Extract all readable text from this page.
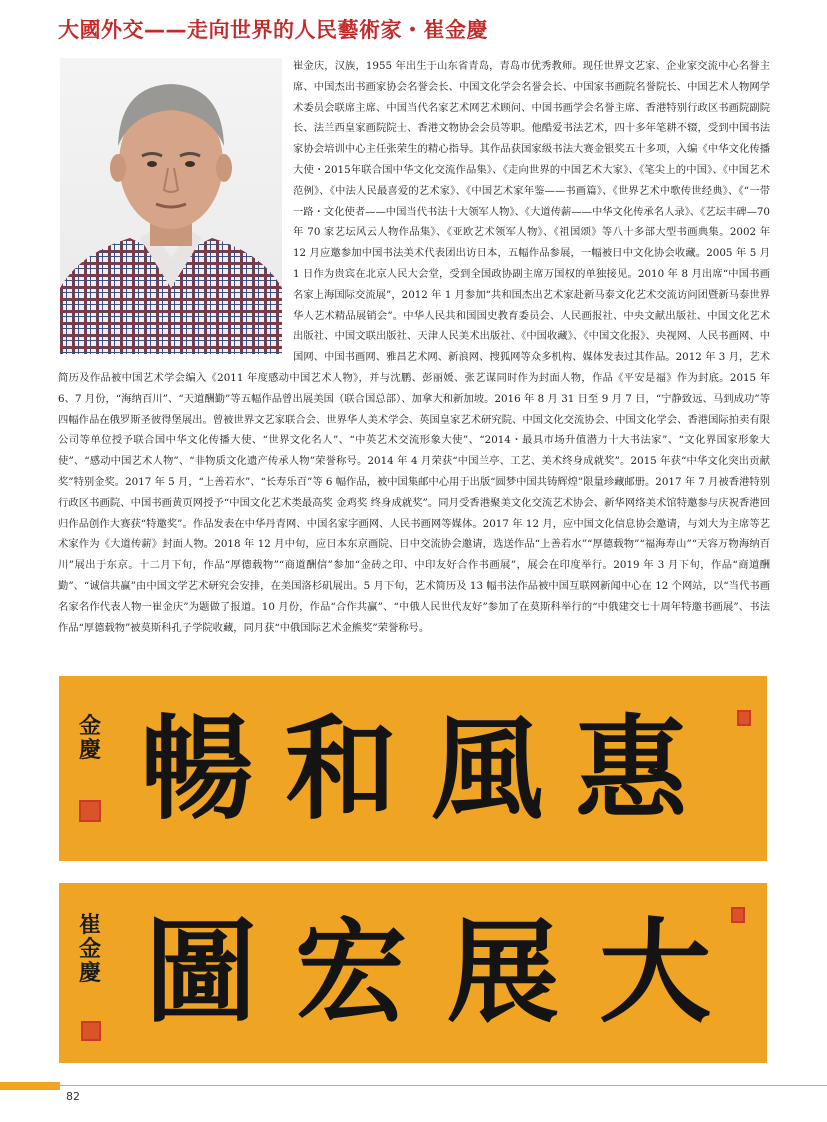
大國外交——走向世界的人民藝術家・崔金慶

崔金庆，汉族，1955 年出生于山东省青岛，青岛市优秀教师。现任世界文艺家、企业家交流中心名誉主席、中国杰出书画家协会名誉会长、中国文化学会名誉会长、中国家书画院名誉院长、中国艺术人物网学术委员会联席主席、中国当代名家艺术网艺术顾问、中国书画学会名誉主席、香港特别行政区书画院副院长、法兰西皇家画院院士、香港文物协会会员等职。他酷爱书法艺术，四十多年笔耕不辍，受到中国书法家协会培训中心主任张荣生的精心指导。其作品获国家级书法大赛金银奖五十多项，入编《中华文化传播大使・2015年联合国中华文化交流作品集》、《走向世界的中国艺术大家》、《笔尖上的中国》、《中国艺术范例》、《中法人民最喜爱的艺术家》、《中国艺术家年鉴——书画篇》、《世界艺术中歌传世经典》、《“一带一路・文化使者——中国当代书法十大领军人物》、《大道传薪——中华文化传承名人录》、《艺坛丰碑—70 年 70 家艺坛风云人物作品集》、《亚欧艺术领军人物》、《祖国颂》等八十多部大型书画典集。2002 年 12 月应邀参加中国书法美术代表团出访日本，五幅作品参展，一幅被日中文化协会收藏。2005 年 5 月 1 日作为贵宾在北京人民大会堂，受到全国政协副主席万国权的单独接见。2010 年 8 月出席“中国书画名家上海国际交流展”，2012 年 1 月参加“共和国杰出艺术家赴新马泰文化艺术交流访问团暨新马泰世界华人艺术精品展销会”。中华人民共和国国史教育委员会、人民画报社、中央文献出版社、中国文化艺术出版社、中国文联出版社、天津人民美术出版社、《中国收藏》、《中国文化报》、央视网、人民书画网、中国网、中国书画网、雅昌艺术网、新浪网、搜狐网等众多机构、媒体发表过其作品。2012 年 3 月，艺术简历及作品被中国艺术学会编入《2011 年度感动中国艺术人物》，并与沈鹏、彭丽媛、张艺谋同时作为封面人物，作品《平安是福》作为封底。2015 年 6、7 月份，“海纳百川”、“天道酬勤”等五幅作品曾出展美国（联合国总部）、加拿大和新加坡。2016 年 8 月 31 日至 9 月 7 日，“宁静致远、马到成功”等四幅作品在俄罗斯圣彼得堡展出。曾被世界文艺家联合会、世界华人美术学会、英国皇家艺术研究院、中国文化交流协会、中国文化学会、香港国际拍卖有限公司等单位授予联合国中华文化传播大使、“世界文化名人”、“中英艺术交流形象大使”、“2014・最具市场升值潜力十大书法家”、“文化界国家形象大使”、“感动中国艺术人物”、“非物质文化遗产传承人物”荣誉称号。2014 年 4 月荣获“中国兰亭、工艺、美术终身成就奖”。2015 年获“中华文化突出贡献奖”特别金奖。2017 年 5 月，“上善若水”、“长寿乐百”等 6 幅作品，被中国集邮中心用于出版“圆梦中国共铸辉煌”限量珍藏邮册。2017 年 7 月被香港特别行政区书画院、中国书画黄页网授予“中国文化艺术类最高奖 金鸡奖 终身成就奖”。同月受香港聚美文化交流艺术协会、新华网络美术馆特邀参与庆祝香港回归作品创作大赛获“特邀奖”。作品发表在中华丹青网、中国名家字画网、人民书画网等媒体。2017 年 12 月，应中国文化信息协会邀请，与刘大为主席等艺术家作为《大道传薪》封面人物。2018 年 12 月中旬，应日本东京画院、日中交流协会邀请，选送作品“上善若水”“厚德载物”“福海寿山”“天容万物海纳百川”展出于东京。十二月下旬，作品“厚德载物”“商道酬信”参加“金砖之印、中印友好合作书画展”，展会在印度举行。2019 年 3 月下旬，作品“商道酬勤”、“诚信共赢”由中国文学艺术研究会安排，在美国洛杉矶展出。5 月下旬，艺术简历及 13 幅书法作品被中国互联网新闻中心在 12 个网站，以“当代书画名家名作代表人物一崔金庆”为题做了报道。10 月份，作品“合作共赢”、“中俄人民世代友好”参加了在莫斯科举行的“中俄建交七十周年特邀书画展”、书法作品“厚德载物”被莫斯科孔子学院收藏，同月获“中俄国际艺术金熊奖”荣誉称号。

金慶	惠
風
和
暢
崔金慶	大
展
宏
圖
82
